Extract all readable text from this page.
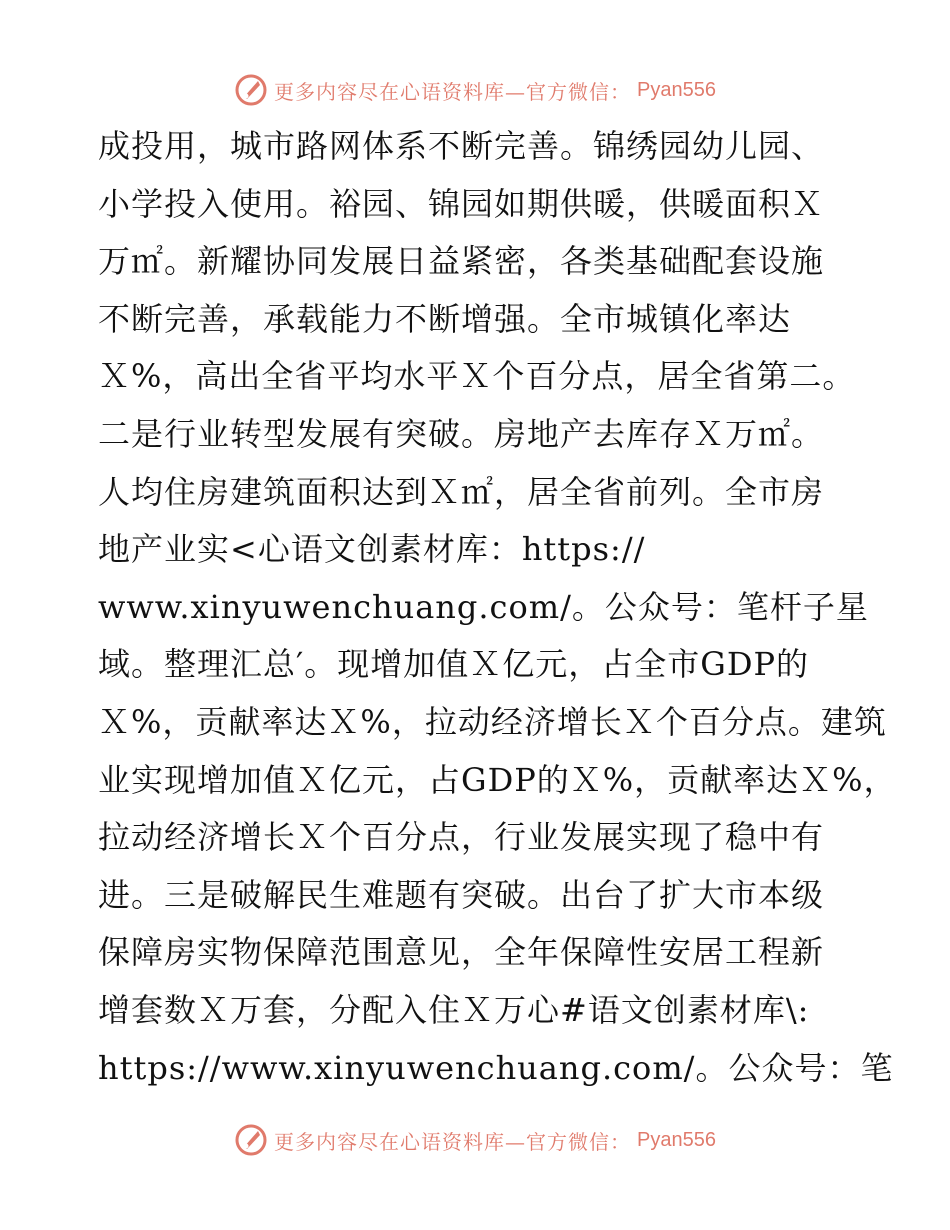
更多内容尽在心语资料库—官方微信： Pyan556
成投用，城市路网体系不断完善。锦绣园幼儿园、
小学投入使用。裕园、锦园如期供暖，供暖面积Ｘ
万㎡。新耀协同发展日益紧密，各类基础配套设施
不断完善，承载能力不断增强。全市城镇化率达
Ｘ%，高出全省平均水平Ｘ个百分点，居全省第二。
二是行业转型发展有突破。房地产去库存Ｘ万㎡。
人均住房建筑面积达到Ｘ㎡，居全省前列。全市房
地产业实<心语文创素材库：https://
www.xinyuwenchuang.com/。公众号：笔杆子星
域。整理汇总′。现增加值Ｘ亿元，占全市GDP的
Ｘ%，贡献率达Ｘ%，拉动经济增长Ｘ个百分点。建筑
业实现增加值Ｘ亿元，占GDP的Ｘ%，贡献率达Ｘ%，
拉动经济增长Ｘ个百分点，行业发展实现了稳中有
进。三是破解民生难题有突破。出台了扩大市本级
保障房实物保障范围意见，全年保障性安居工程新
增套数Ｘ万套，分配入住Ｘ万心#语文创素材库\:
https://www.xinyuwenchuang.com/。公众号：笔
更多内容尽在心语资料库—官方微信： Pyan556
